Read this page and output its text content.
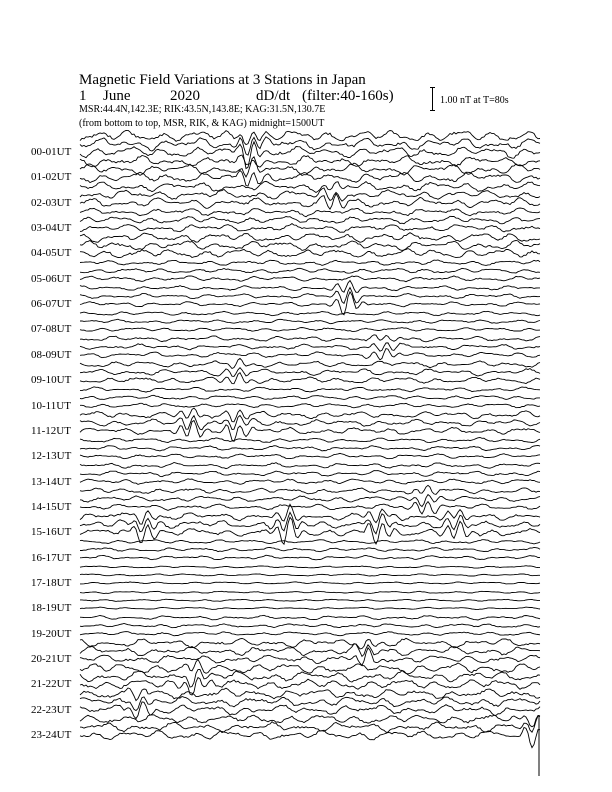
Magnetic Field Variations at 3 Stations in Japan
1 June	2020	dD/dt (filter:40-160s)
MSR:44.4N,142.3E; RIK:43.5N,143.8E; KAG:31.5N,130.7E
(from bottom to top, MSR, RIK, & KAG) midnight=1500UT
1.00 nT at T=80s
00-01UT
01-02UT
02-03UT
03-04UT
04-05UT
05-06UT
06-07UT
07-08UT
08-09UT
09-10UT
10-11UT
11-12UT
12-13UT
13-14UT
14-15UT
15-16UT
16-17UT
17-18UT
18-19UT
19-20UT
20-21UT
21-22UT
22-23UT
23-24UT
